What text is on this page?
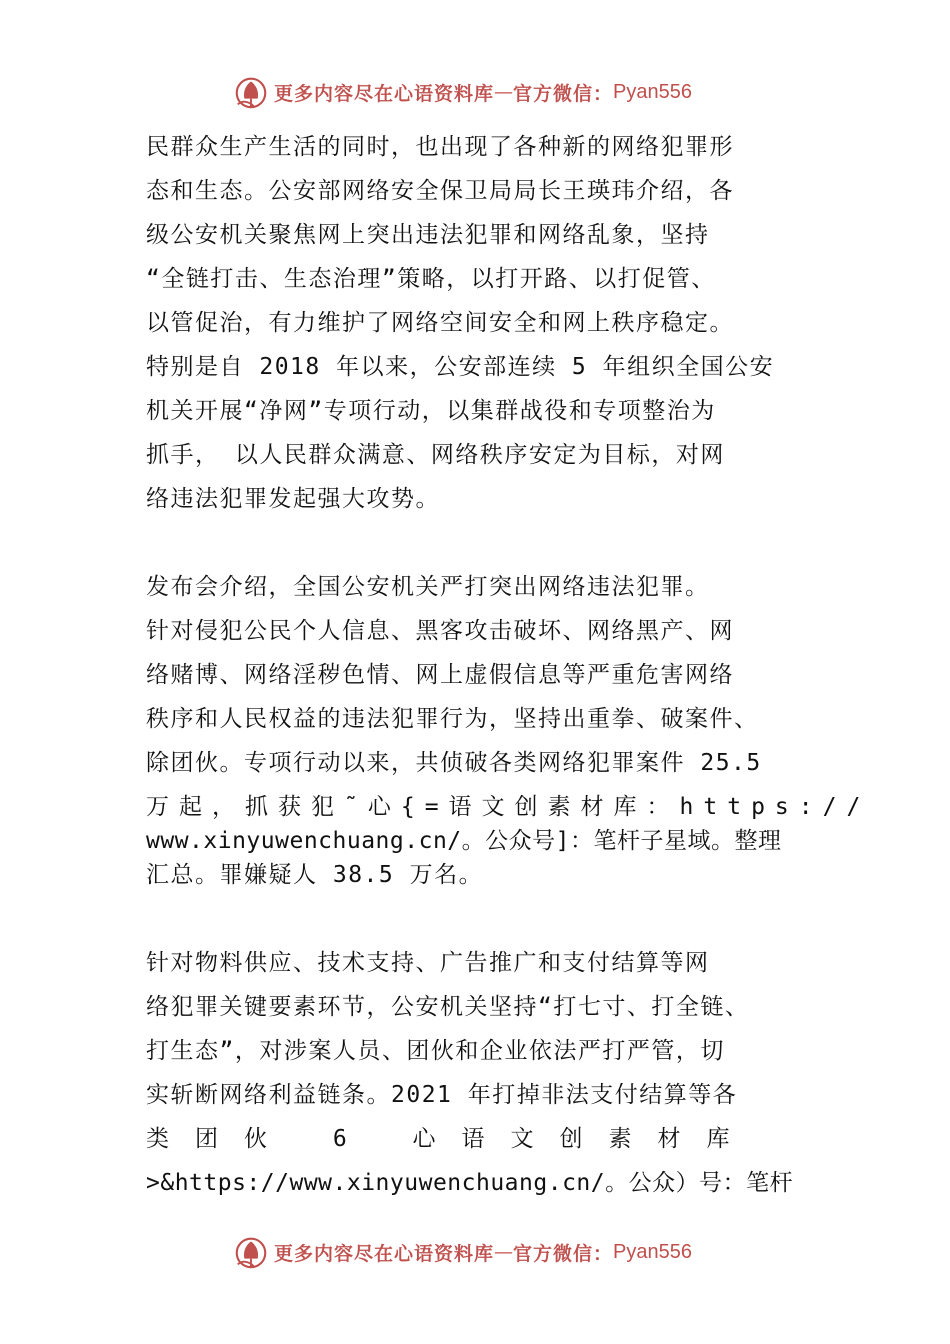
更多内容尽在心语资料库 — 官方微信： Pyan556
民群众生产生活的同时，也出现了各种新的网络犯罪形
态和生态。公安部网络安全保卫局局长王瑛玮介绍，各
级公安机关聚焦网上突出违法犯罪和网络乱象，坚持
“全链打击、生态治理”策略，以打开路、以打促管、
以管促治，有力维护了网络空间安全和网上秩序稳定。
特别是自 2018 年以来，公安部连续 5 年组织全国公安
机关开展“净网”专项行动，以集群战役和专项整治为
抓手， 以人民群众满意、网络秩序安定为目标，对网
络违法犯罪发起强大攻势。
发布会介绍，全国公安机关严打突出网络违法犯罪。
针对侵犯公民个人信息、黑客攻击破坏、网络黑产、网
络赌博、网络淫秽色情、网上虚假信息等严重危害网络
秩序和人民权益的违法犯罪行为，坚持出重拳、破案件、
除团伙。专项行动以来，共侦破各类网络犯罪案件 25.5
万起，抓获犯˜心{=语文创素材库：https://
www.xinyuwenchuang.cn/。公众号]：笔杆子星域。整理
汇总。罪嫌疑人 38.5 万名。
针对物料供应、技术支持、广告推广和支付结算等网
络犯罪关键要素环节，公安机关坚持“打七寸、打全链、
打生态”，对涉案人员、团伙和企业依法严打严管，切
实斩断网络利益链条。2021 年打掉非法支付结算等各
类团伙 6 心语文创素材库
>&https://www.xinyuwenchuang.cn/。公众）号：笔杆
更多内容尽在心语资料库 — 官方微信： Pyan556
